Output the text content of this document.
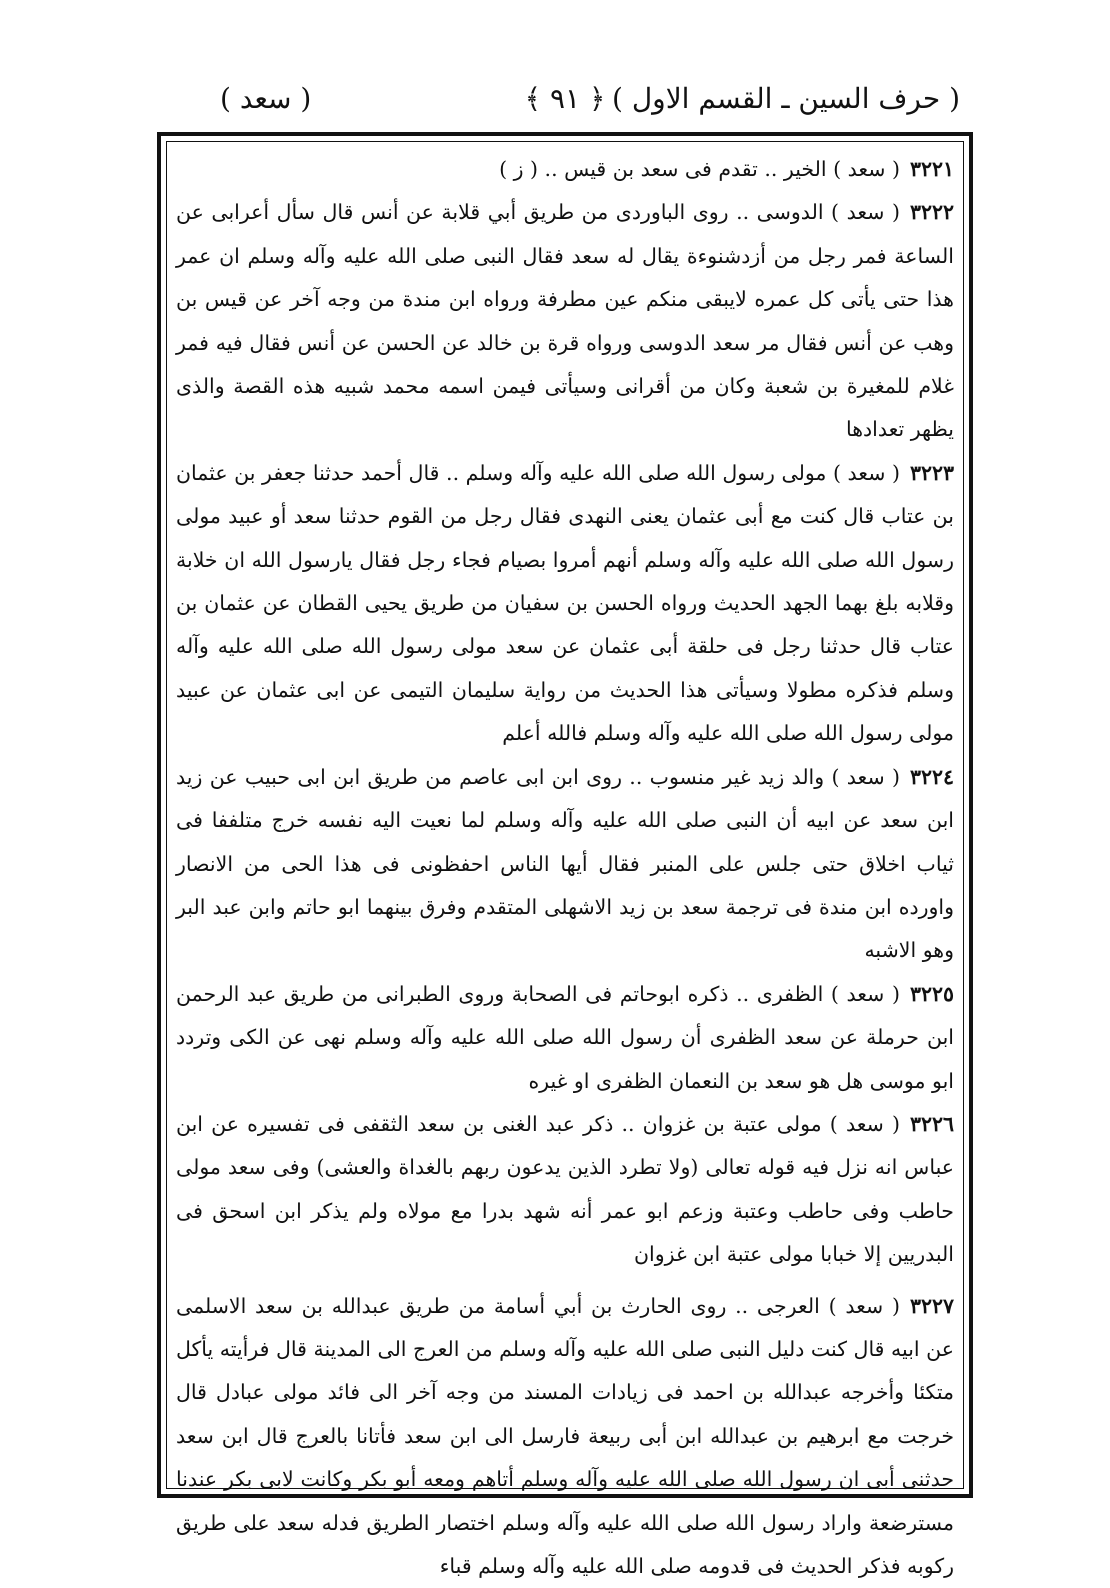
( حرف السين ـ القسم الاول )
﴿ ۹۱ ﴾
( سعد )

٣٢٢١( سعد ) الخير .. تقدم فى سعد بن قيس .. ( ز )

٣٢٢٢( سعد ) الدوسى .. روى الباوردى من طريق أبي قلابة عن أنس قال سأل أعرابى عن الساعة فمر رجل من أزدشنوءة يقال له سعد فقال النبى صلى الله عليه وآله وسلم ان عمر هذا حتى يأتى كل عمره لايبقى منكم عين مطرفة ورواه ابن مندة من وجه آخر عن قيس بن وهب عن أنس فقال مر سعد الدوسى ورواه قرة بن خالد عن الحسن عن أنس فقال فيه فمر غلام للمغيرة بن شعبة وكان من أقرانى وسيأتى فيمن اسمه محمد شبيه هذه القصة والذى يظهر تعدادها

٣٢٢٣( سعد ) مولى رسول الله صلى الله عليه وآله وسلم .. قال أحمد حدثنا جعفر بن عثمان بن عتاب قال كنت مع أبى عثمان يعنى النهدى فقال رجل من القوم حدثنا سعد أو عبيد مولى رسول الله صلى الله عليه وآله وسلم أنهم أمروا بصيام فجاء رجل فقال يارسول الله ان خلابة وقلابه بلغ بهما الجهد الحديث ورواه الحسن بن سفيان من طريق يحيى القطان عن عثمان بن عتاب قال حدثنا رجل فى حلقة أبى عثمان عن سعد مولى رسول الله صلى الله عليه وآله وسلم فذكره مطولا وسيأتى هذا الحديث من رواية سليمان التيمى عن ابى عثمان عن عبيد مولى رسول الله صلى الله عليه وآله وسلم فالله أعلم

٣٢٢٤( سعد ) والد زيد غير منسوب .. روى ابن ابى عاصم من طريق ابن ابى حبيب عن زيد ابن سعد عن ابيه أن النبى صلى الله عليه وآله وسلم لما نعيت اليه نفسه خرج متلففا فى ثياب اخلاق حتى جلس على المنبر فقال أيها الناس احفظونى فى هذا الحى من الانصار واورده ابن مندة فى ترجمة سعد بن زيد الاشهلى المتقدم وفرق بينهما ابو حاتم وابن عبد البر وهو الاشبه

٣٢٢٥( سعد ) الظفرى .. ذكره ابوحاتم فى الصحابة وروى الطبرانى من طريق عبد الرحمن ابن حرملة عن سعد الظفرى أن رسول الله صلى الله عليه وآله وسلم نهى عن الكى وتردد ابو موسى هل هو سعد بن النعمان الظفرى او غيره

٣٢٢٦( سعد ) مولى عتبة بن غزوان .. ذكر عبد الغنى بن سعد الثقفى فى تفسيره عن ابن عباس انه نزل فيه قوله تعالى (ولا تطرد الذين يدعون ربهم بالغداة والعشى) وفى سعد مولى حاطب وفى حاطب وعتبة وزعم ابو عمر أنه شهد بدرا مع مولاه ولم يذكر ابن اسحق فى البدريين إلا خبابا مولى عتبة ابن غزوان

٣٢٢٧( سعد ) العرجى .. روى الحارث بن أبي أسامة من طريق عبدالله بن سعد الاسلمى عن ابيه قال كنت دليل النبى صلى الله عليه وآله وسلم من العرج الى المدينة قال فرأيته يأكل متكئا وأخرجه عبدالله بن احمد فى زيادات المسند من وجه آخر الى فائد مولى عبادل قال خرجت مع ابرهيم بن عبدالله ابن أبى ربيعة فارسل الى ابن سعد فأتانا بالعرج قال ابن سعد حدثنى أبى ان رسول الله صلى الله عليه وآله وسلم أتاهم ومعه أبو بكر وكانت لابى بكر عندنا مسترضعة واراد رسول الله صلى الله عليه وآله وسلم اختصار الطريق فدله سعد على طريق ركوبه فذكر الحديث فى قدومه صلى الله عليه وآله وسلم قباء
